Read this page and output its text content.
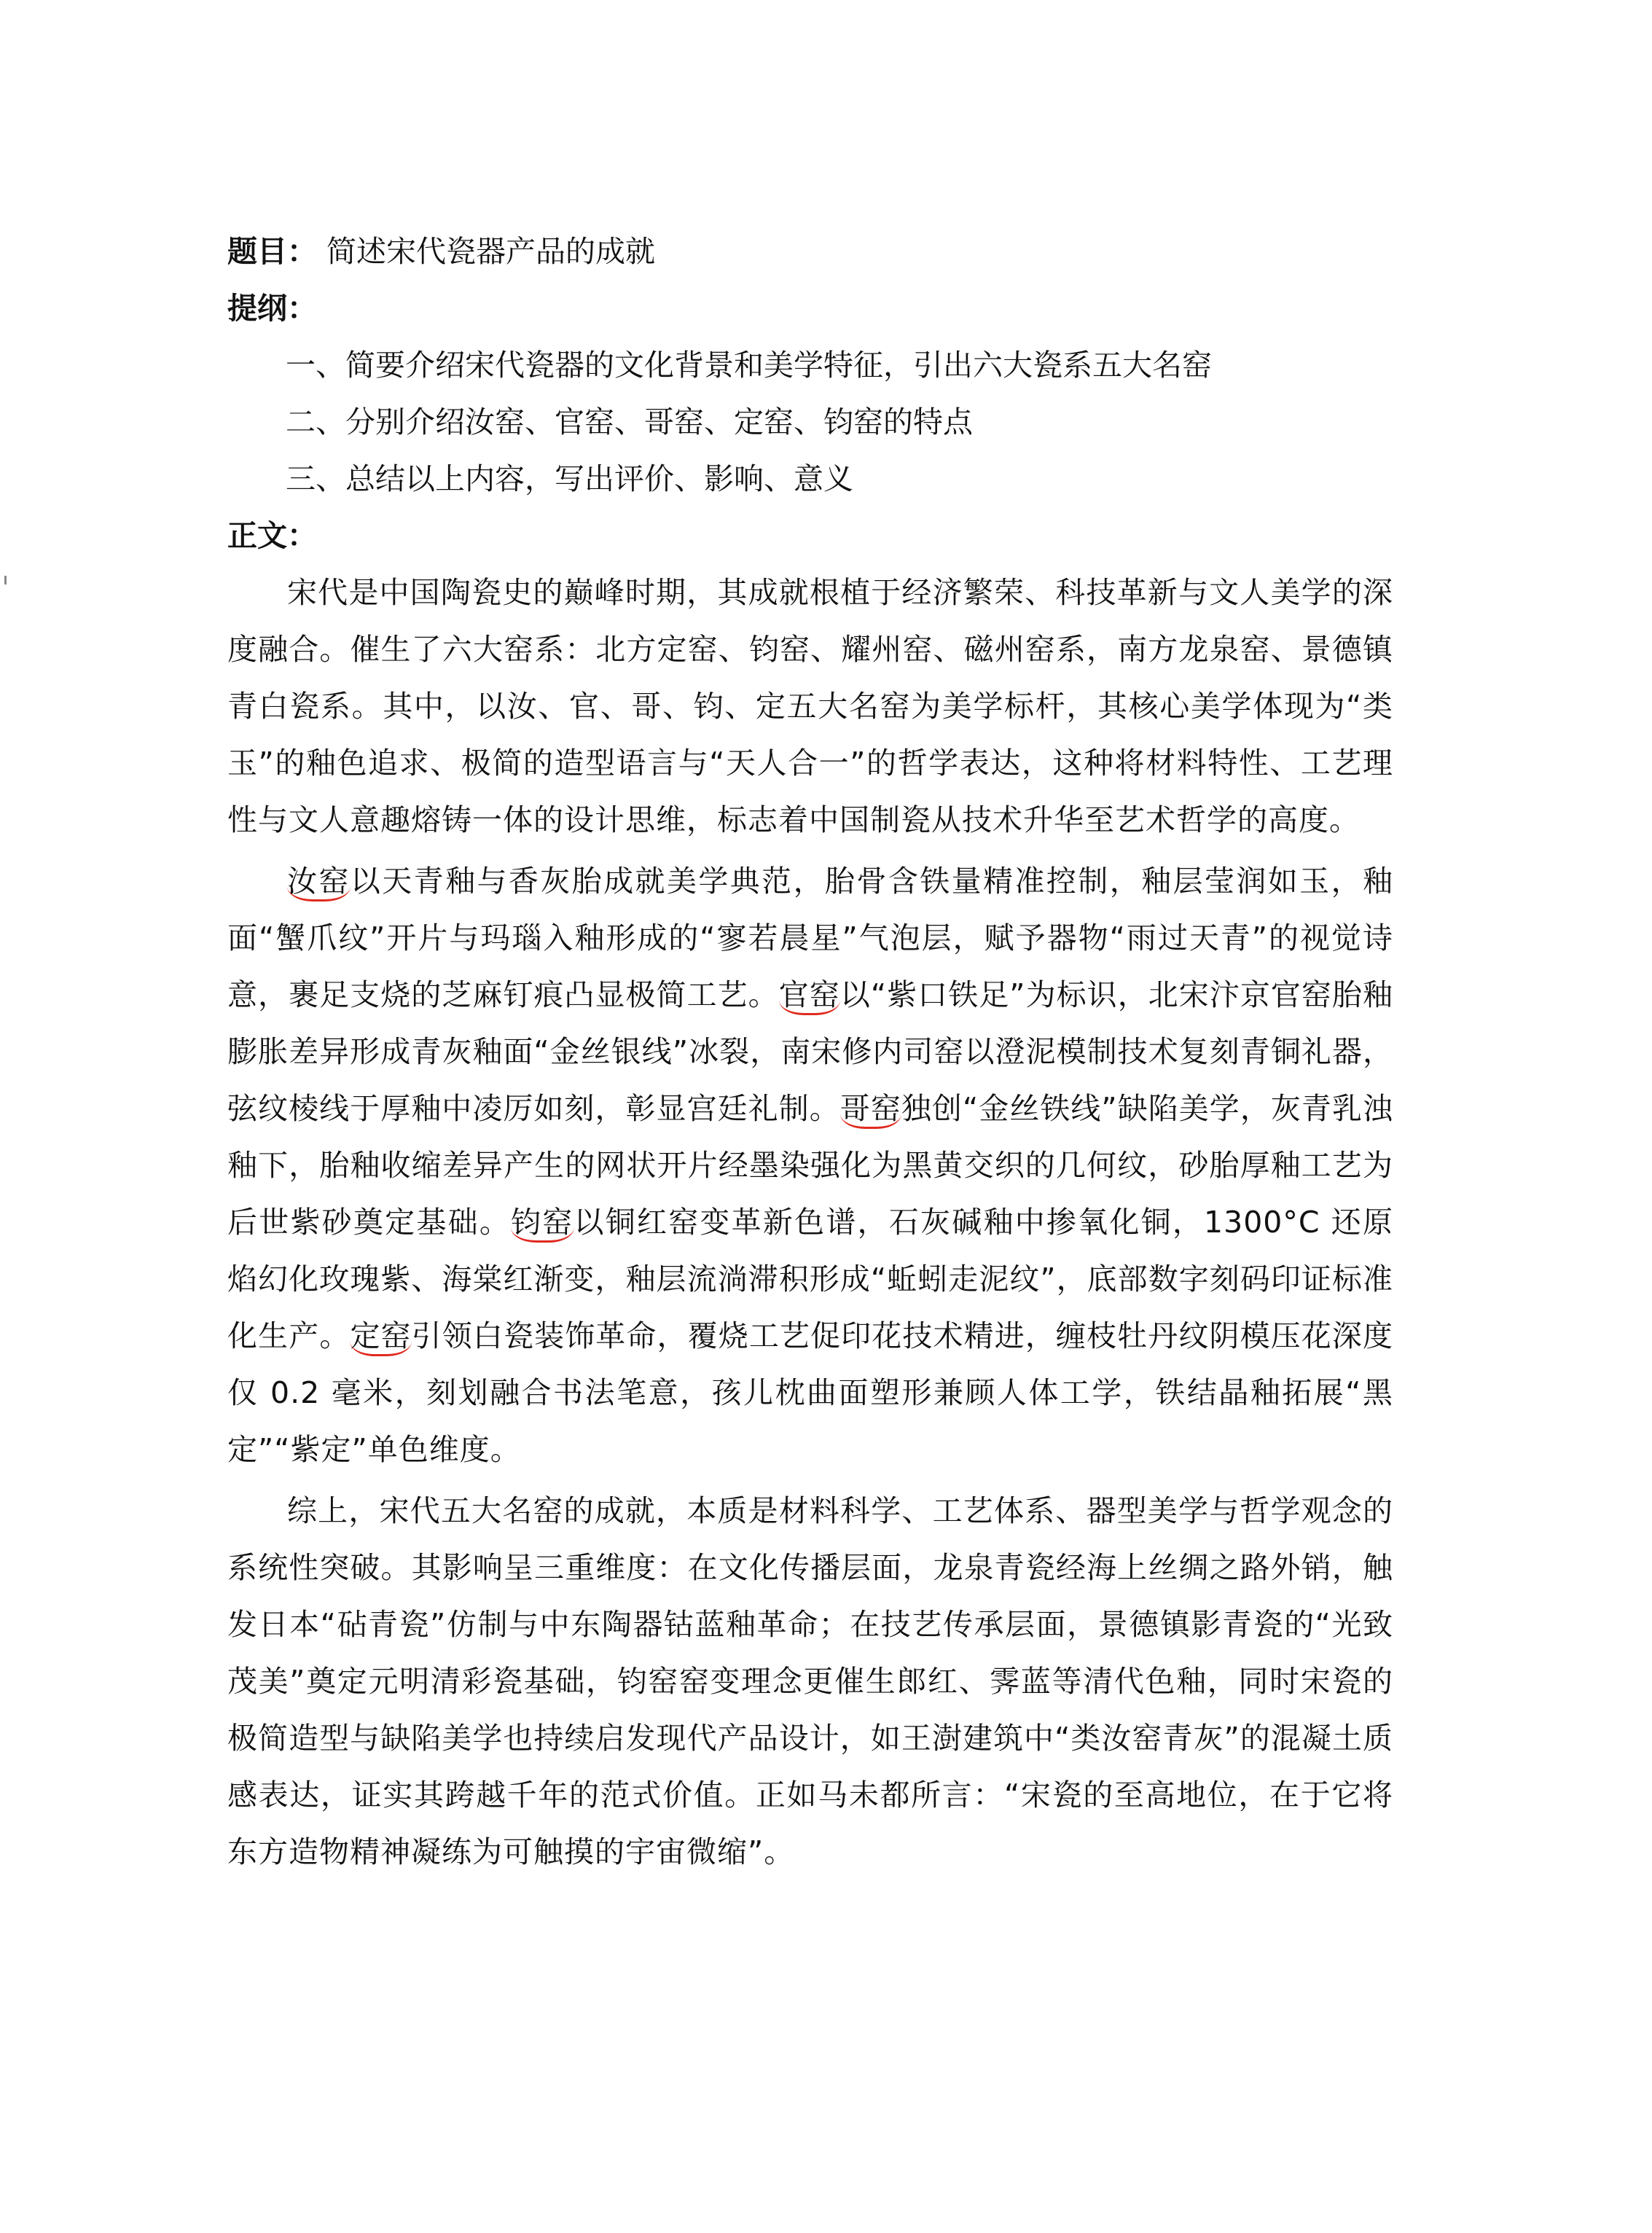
题目： 简述宋代瓷器产品的成就
提纲：
一、简要介绍宋代瓷器的文化背景和美学特征，引出六大瓷系五大名窑
二、分别介绍汝窑、官窑、哥窑、定窑、钧窑的特点
三、总结以上内容，写出评价、影响、意义
正文：

宋代是中国陶瓷史的巅峰时期，其成就根植于经济繁荣、科技革新与文人美学的深度融合。催生了六大窑系：北方定窑、钧窑、耀州窑、磁州窑系，南方龙泉窑、景德镇青白瓷系。其中，以汝、官、哥、钧、定五大名窑为美学标杆，其核心美学体现为“类玉”的釉色追求、极简的造型语言与“天人合一”的哲学表达，这种将材料特性、工艺理性与文人意趣熔铸一体的设计思维，标志着中国制瓷从技术升华至艺术哲学的高度。

汝窑以天青釉与香灰胎成就美学典范，胎骨含铁量精准控制，釉层莹润如玉，釉面“蟹爪纹”开片与玛瑙入釉形成的“寥若晨星”气泡层，赋予器物“雨过天青”的视觉诗意，裹足支烧的芝麻钉痕凸显极简工艺。官窑以“紫口铁足”为标识，北宋汴京官窑胎釉膨胀差异形成青灰釉面“金丝银线”冰裂，南宋修内司窑以澄泥模制技术复刻青铜礼器，弦纹棱线于厚釉中凌厉如刻，彰显宫廷礼制。哥窑独创“金丝铁线”缺陷美学，灰青乳浊釉下，胎釉收缩差异产生的网状开片经墨染强化为黑黄交织的几何纹，砂胎厚釉工艺为后世紫砂奠定基础。钧窑以铜红窑变革新色谱，石灰碱釉中掺氧化铜，1300°C 还原焰幻化玫瑰紫、海棠红渐变，釉层流淌滞积形成“蚯蚓走泥纹”，底部数字刻码印证标准化生产。定窑引领白瓷装饰革命，覆烧工艺促印花技术精进，缠枝牡丹纹阴模压花深度仅 0.2 毫米，刻划融合书法笔意，孩儿枕曲面塑形兼顾人体工学，铁结晶釉拓展“黑定”“紫定”单色维度。

综上，宋代五大名窑的成就，本质是材料科学、工艺体系、器型美学与哲学观念的系统性突破。其影响呈三重维度：在文化传播层面，龙泉青瓷经海上丝绸之路外销，触发日本“砧青瓷”仿制与中东陶器钴蓝釉革命；在技艺传承层面，景德镇影青瓷的“光致茂美”奠定元明清彩瓷基础，钧窑窑变理念更催生郎红、霁蓝等清代色釉，同时宋瓷的极简造型与缺陷美学也持续启发现代产品设计，如王澍建筑中“类汝窑青灰”的混凝土质感表达，证实其跨越千年的范式价值。正如马未都所言：“宋瓷的至高地位，在于它将东方造物精神凝练为可触摸的宇宙微缩”。
